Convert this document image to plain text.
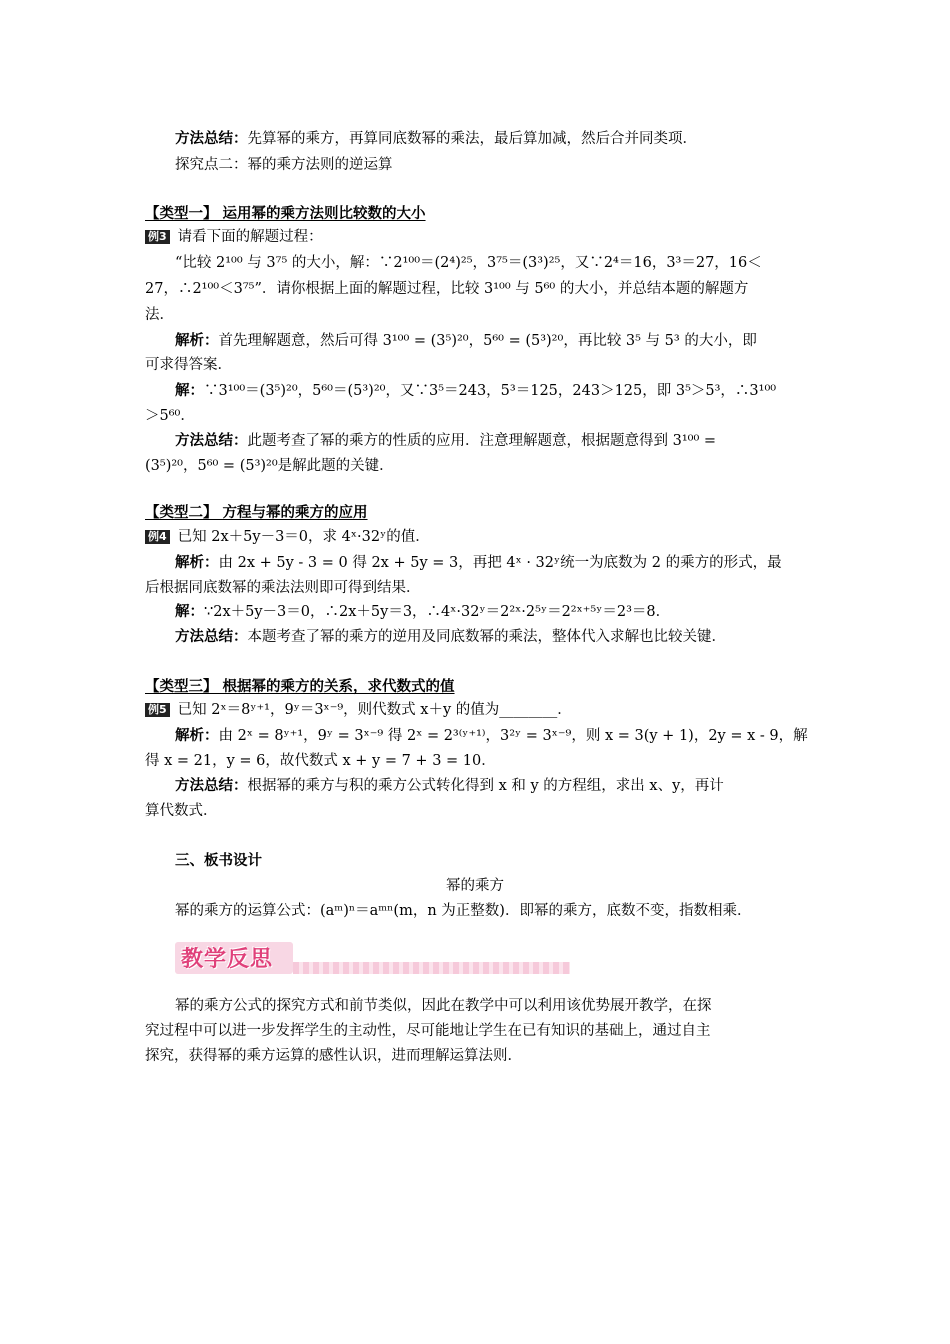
方法总结：先算幂的乘方，再算同底数幂的乘法，最后算加减，然后合并同类项．
探究点二：幂的乘方法则的逆运算
【类型一】 运用幂的乘方法则比较数的大小
例3 请看下面的解题过程：
“比较 2¹⁰⁰ 与 3⁷⁵ 的大小，解：∵2¹⁰⁰＝(2⁴)²⁵，3⁷⁵＝(3³)²⁵，又∵2⁴＝16，3³＝27，16＜
27，∴2¹⁰⁰＜3⁷⁵”．请你根据上面的解题过程，比较 3¹⁰⁰ 与 5⁶⁰ 的大小，并总结本题的解题方
法．
解析：首先理解题意，然后可得 3¹⁰⁰ = (3⁵)²⁰，5⁶⁰ = (5³)²⁰，再比较 3⁵ 与 5³ 的大小，即
可求得答案．
解：∵3¹⁰⁰＝(3⁵)²⁰，5⁶⁰＝(5³)²⁰，又∵3⁵＝243，5³＝125，243＞125，即 3⁵＞5³，∴3¹⁰⁰
＞5⁶⁰．
方法总结：此题考查了幂的乘方的性质的应用．注意理解题意，根据题意得到 3¹⁰⁰ =
(3⁵)²⁰，5⁶⁰ = (5³)²⁰是解此题的关键．
【类型二】 方程与幂的乘方的应用
例4 已知 2x＋5y－3＝0，求 4ˣ·32ʸ的值．
解析：由 2x + 5y - 3 = 0 得 2x + 5y = 3，再把 4ˣ · 32ʸ统一为底数为 2 的乘方的形式，最
后根据同底数幂的乘法法则即可得到结果．
解：∵2x＋5y－3＝0，∴2x＋5y＝3，∴4ˣ·32ʸ＝2²ˣ·2⁵ʸ＝2²ˣ⁺⁵ʸ＝2³＝8．
方法总结：本题考查了幂的乘方的逆用及同底数幂的乘法，整体代入求解也比较关键．
【类型三】 根据幂的乘方的关系，求代数式的值
例5 已知 2ˣ＝8ʸ⁺¹，9ʸ＝3ˣ⁻⁹，则代数式 x＋y 的值为________．
解析：由 2ˣ = 8ʸ⁺¹，9ʸ = 3ˣ⁻⁹ 得 2ˣ = 2³⁽ʸ⁺¹⁾，3²ʸ = 3ˣ⁻⁹，则 x = 3(y + 1)，2y = x - 9，解
得 x = 21，y = 6，故代数式 x + y = 7 + 3 = 10．
方法总结：根据幂的乘方与积的乘方公式转化得到 x 和 y 的方程组，求出 x、y，再计
算代数式．
三、板书设计
幂的乘方
幂的乘方的运算公式：(aᵐ)ⁿ＝aᵐⁿ(m，n 为正整数)．即幂的乘方，底数不变，指数相乘．
教学反思
幂的乘方公式的探究方式和前节类似，因此在教学中可以利用该优势展开教学，在探
究过程中可以进一步发挥学生的主动性，尽可能地让学生在已有知识的基础上，通过自主
探究，获得幂的乘方运算的感性认识，进而理解运算法则．
